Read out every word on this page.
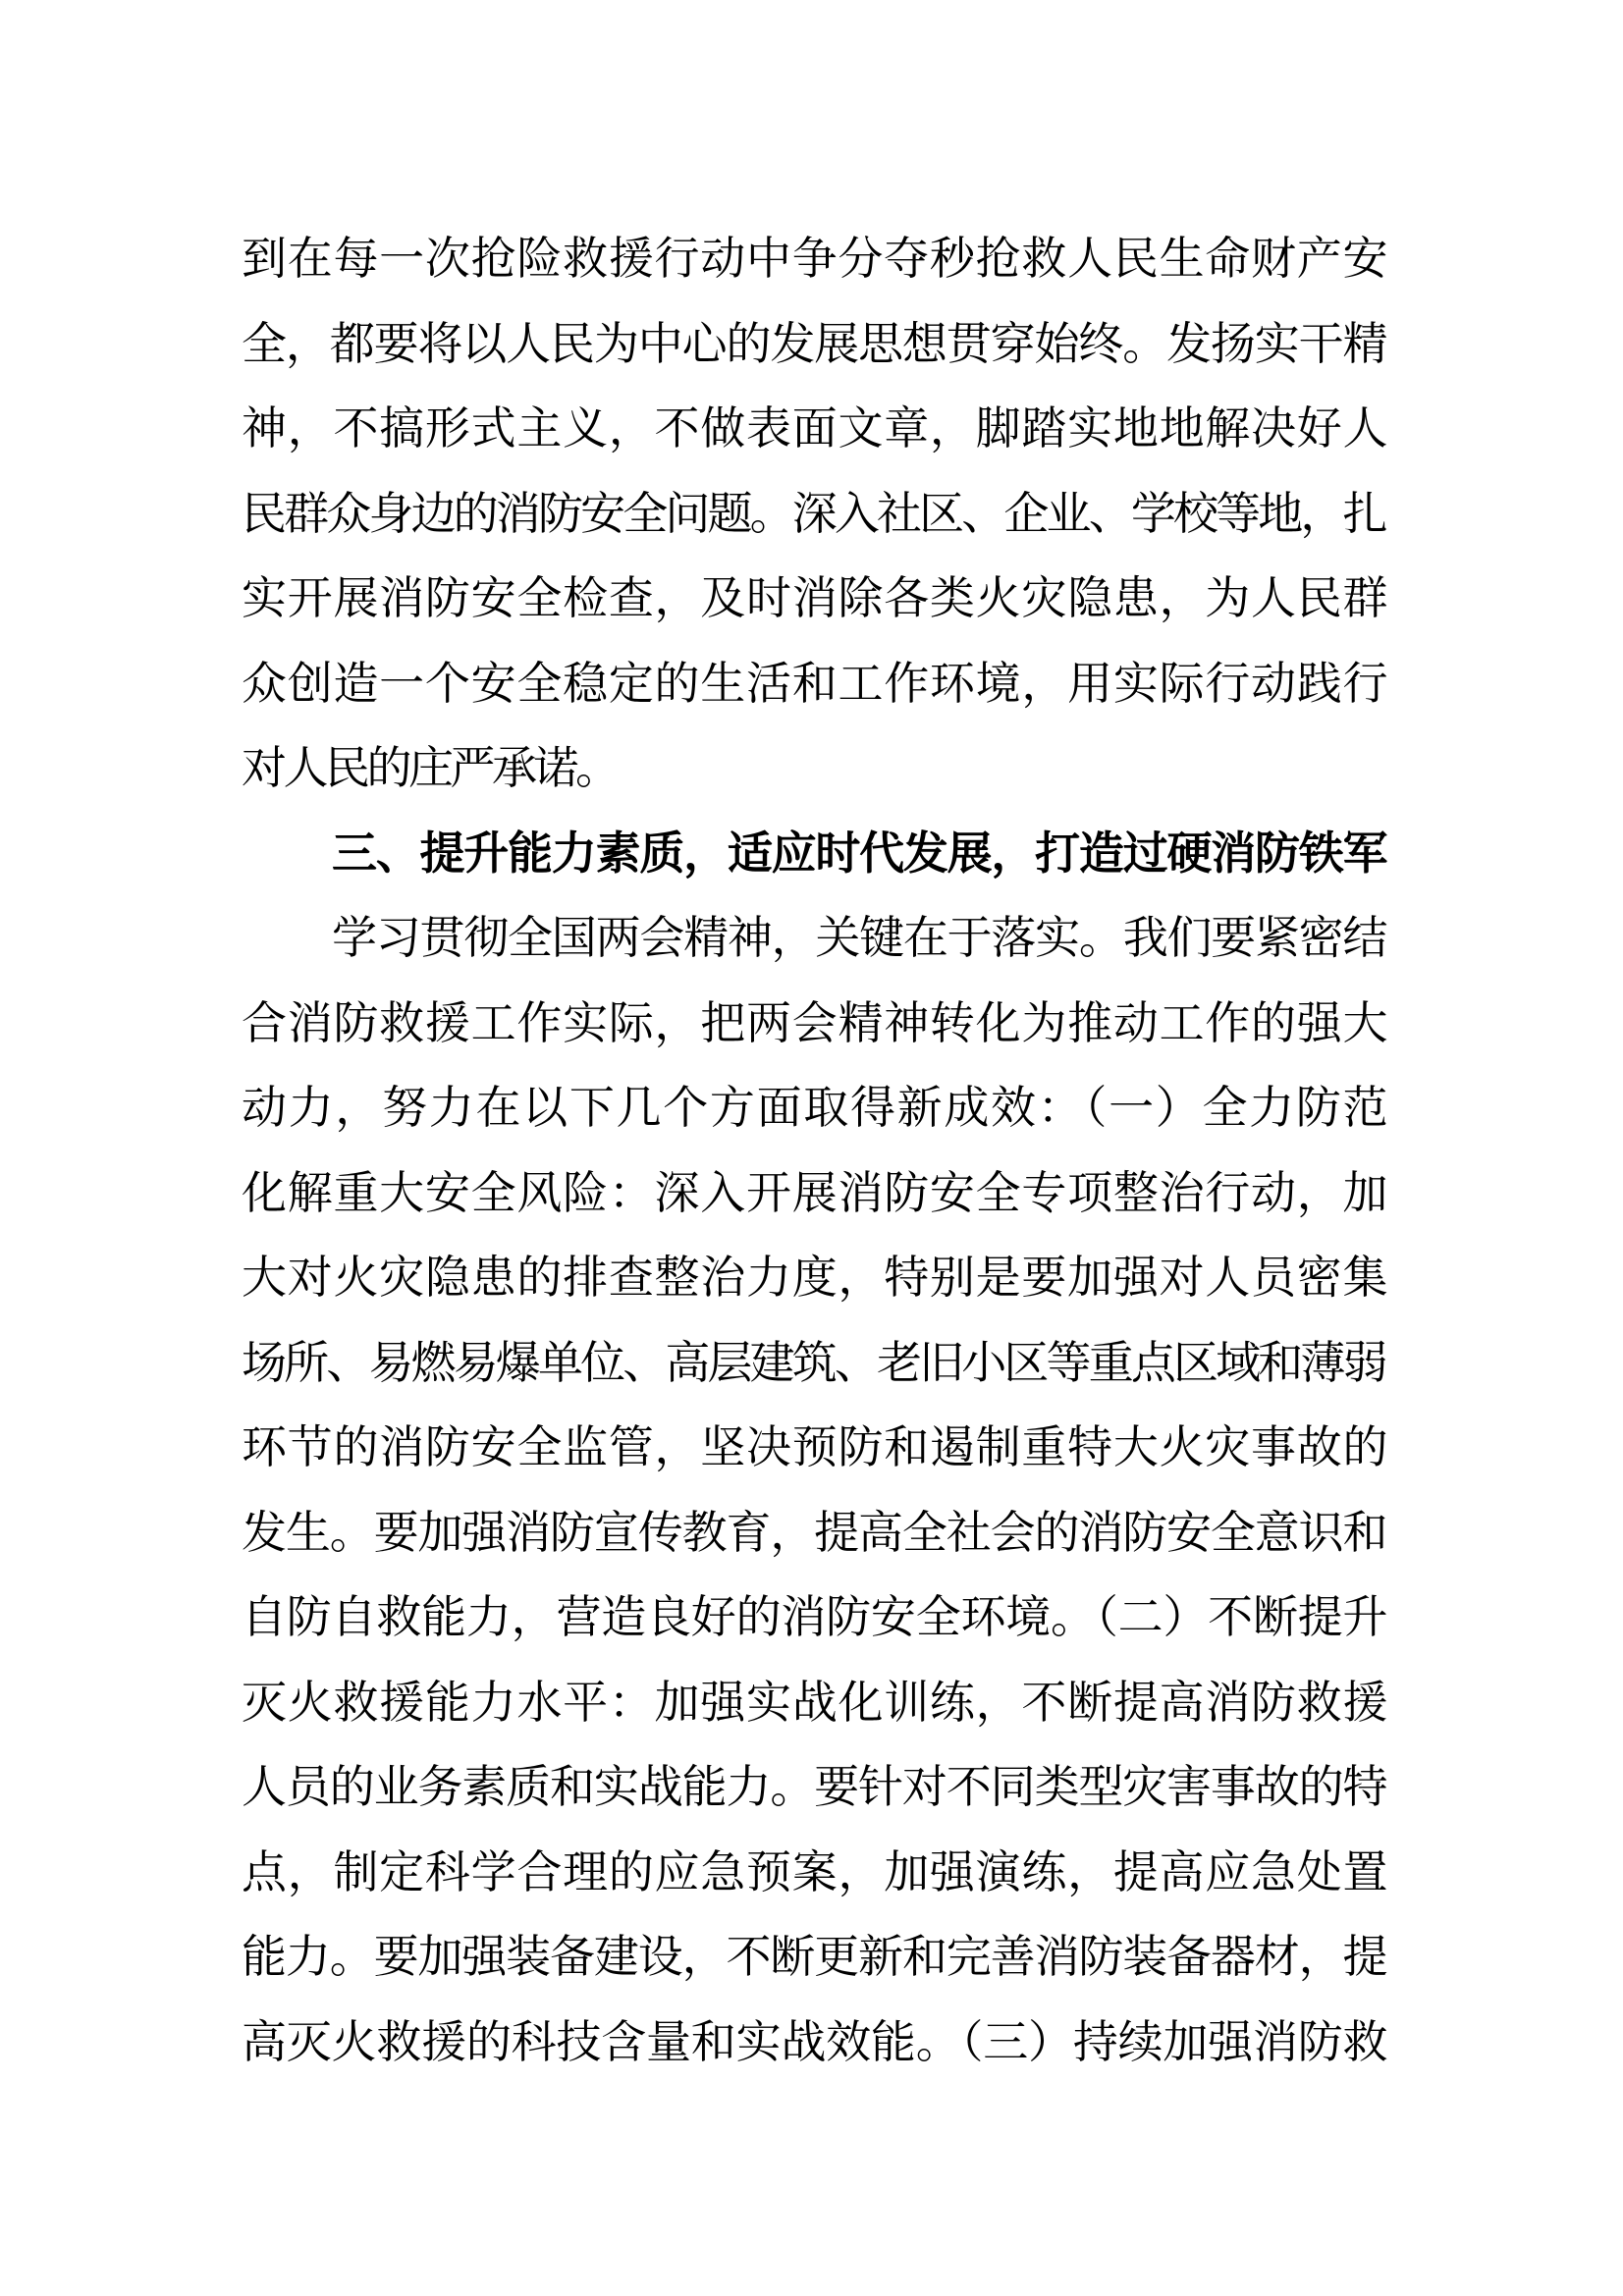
到在每一次抢险救援行动中争分夺秒抢救人民生命财产安
全，都要将以人民为中心的发展思想贯穿始终。发扬实干精
神，不搞形式主义，不做表面文章，脚踏实地地解决好人
民群众身边的消防安全问题。深入社区、企业、学校等地，扎
实开展消防安全检查，及时消除各类火灾隐患，为人民群
众创造一个安全稳定的生活和工作环境，用实际行动践行
对人民的庄严承诺。
三、提升能力素质，适应时代发展，打造过硬消防铁军
学习贯彻全国两会精神，关键在于落实。我们要紧密结
合消防救援工作实际，把两会精神转化为推动工作的强大
动力，努力在以下几个方面取得新成效：（一）全力防范
化解重大安全风险：深入开展消防安全专项整治行动，加
大对火灾隐患的排查整治力度，特别是要加强对人员密集
场所、易燃易爆单位、高层建筑、老旧小区等重点区域和薄弱
环节的消防安全监管，坚决预防和遏制重特大火灾事故的
发生。要加强消防宣传教育，提高全社会的消防安全意识和
自防自救能力，营造良好的消防安全环境。（二）不断提升
灭火救援能力水平：加强实战化训练，不断提高消防救援
人员的业务素质和实战能力。要针对不同类型灾害事故的特
点，制定科学合理的应急预案，加强演练，提高应急处置
能力。要加强装备建设，不断更新和完善消防装备器材，提
高灭火救援的科技含量和实战效能。（三）持续加强消防救
